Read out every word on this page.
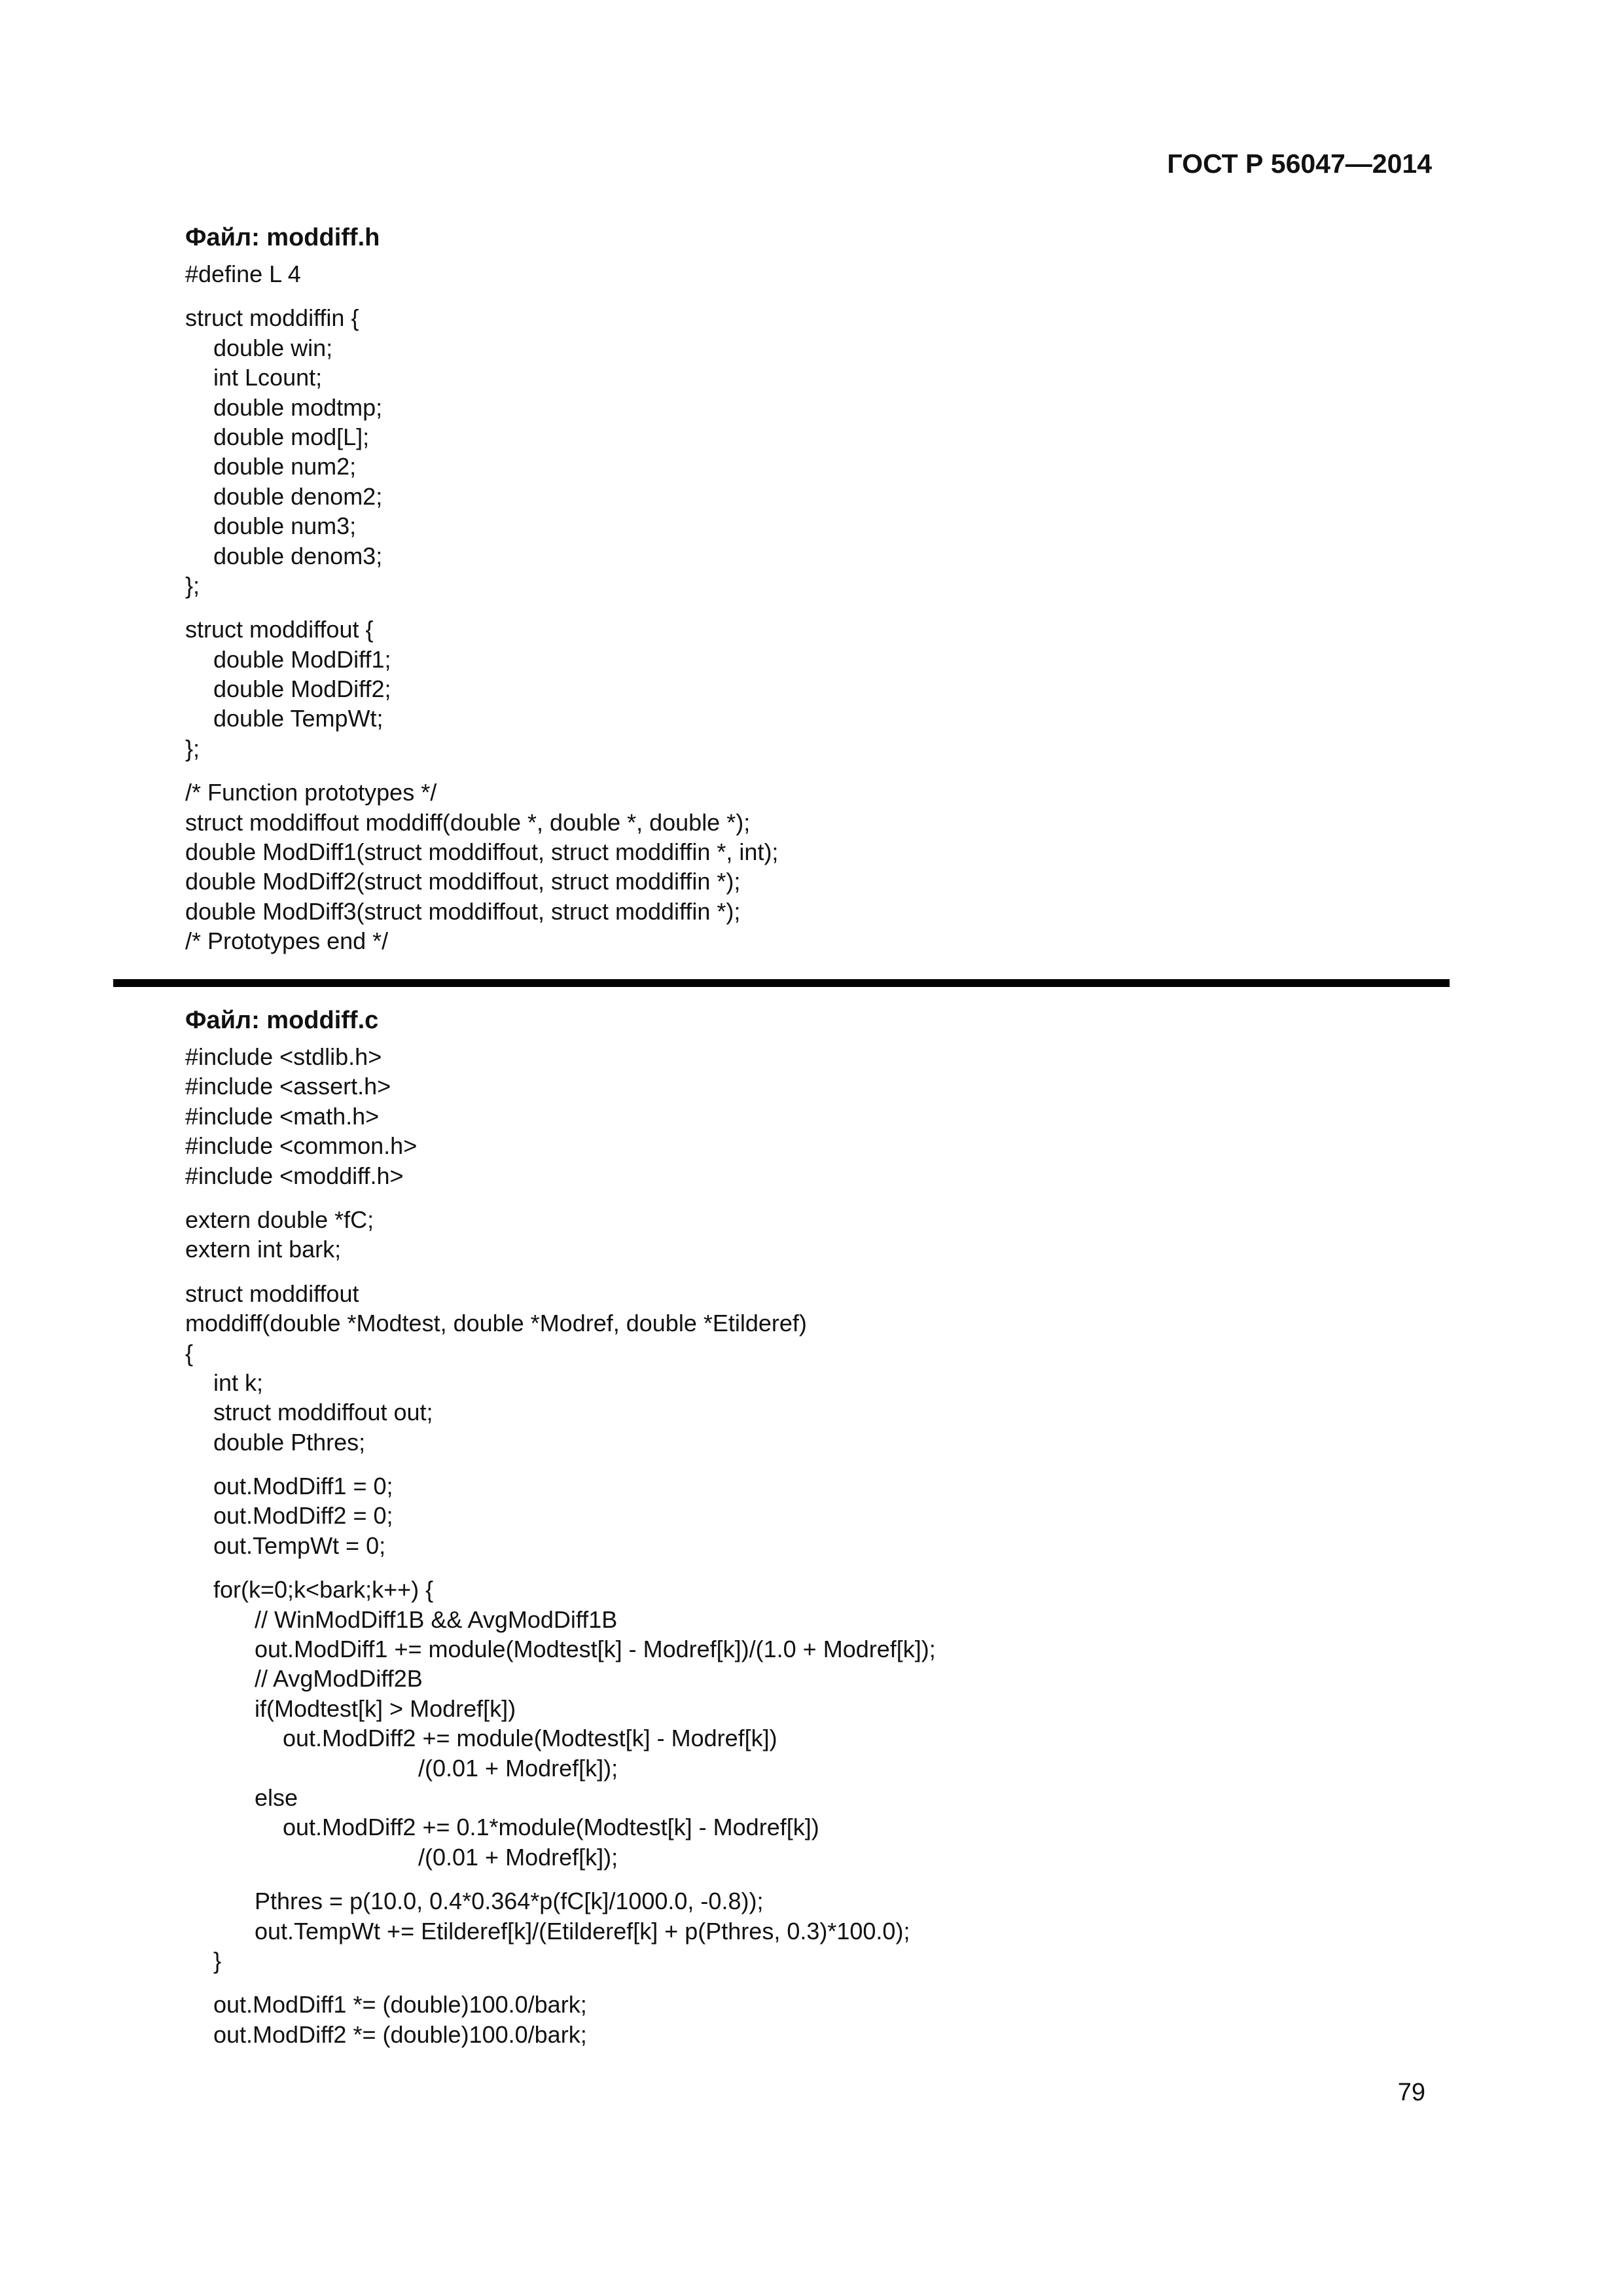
ГОСТ Р 56047—2014
Файл: moddiff.h
#define L 4
struct moddiffin {
double win;
int Lcount;
double modtmp;
double mod[L];
double num2;
double denom2;
double num3;
double denom3;
};
struct moddiffout {
double ModDiff1;
double ModDiff2;
double TempWt;
};
/* Function prototypes */
struct moddiffout moddiff(double *, double *, double *);
double ModDiff1(struct moddiffout, struct moddiffin *, int);
double ModDiff2(struct moddiffout, struct moddiffin *);
double ModDiff3(struct moddiffout, struct moddiffin *);
/* Prototypes end */
Файл: moddiff.c
#include <stdlib.h>
#include <assert.h>
#include <math.h>
#include <common.h>
#include <moddiff.h>
extern double *fC;
extern int bark;
struct moddiffout
moddiff(double *Modtest, double *Modref, double *Etilderef)
{
int k;
struct moddiffout out;
double Pthres;
out.ModDiff1 = 0;
out.ModDiff2 = 0;
out.TempWt = 0;
for(k=0;k<bark;k++) {
// WinModDiff1B && AvgModDiff1B
out.ModDiff1 += module(Modtest[k] - Modref[k])/(1.0 + Modref[k]);
// AvgModDiff2B
if(Modtest[k] > Modref[k])
out.ModDiff2 += module(Modtest[k] - Modref[k])
/(0.01 + Modref[k]);
else
out.ModDiff2 += 0.1*module(Modtest[k] - Modref[k])
/(0.01 + Modref[k]);
Pthres = p(10.0, 0.4*0.364*p(fC[k]/1000.0, -0.8));
out.TempWt += Etilderef[k]/(Etilderef[k] + p(Pthres, 0.3)*100.0);
}
out.ModDiff1 *= (double)100.0/bark;
out.ModDiff2 *= (double)100.0/bark;
79
